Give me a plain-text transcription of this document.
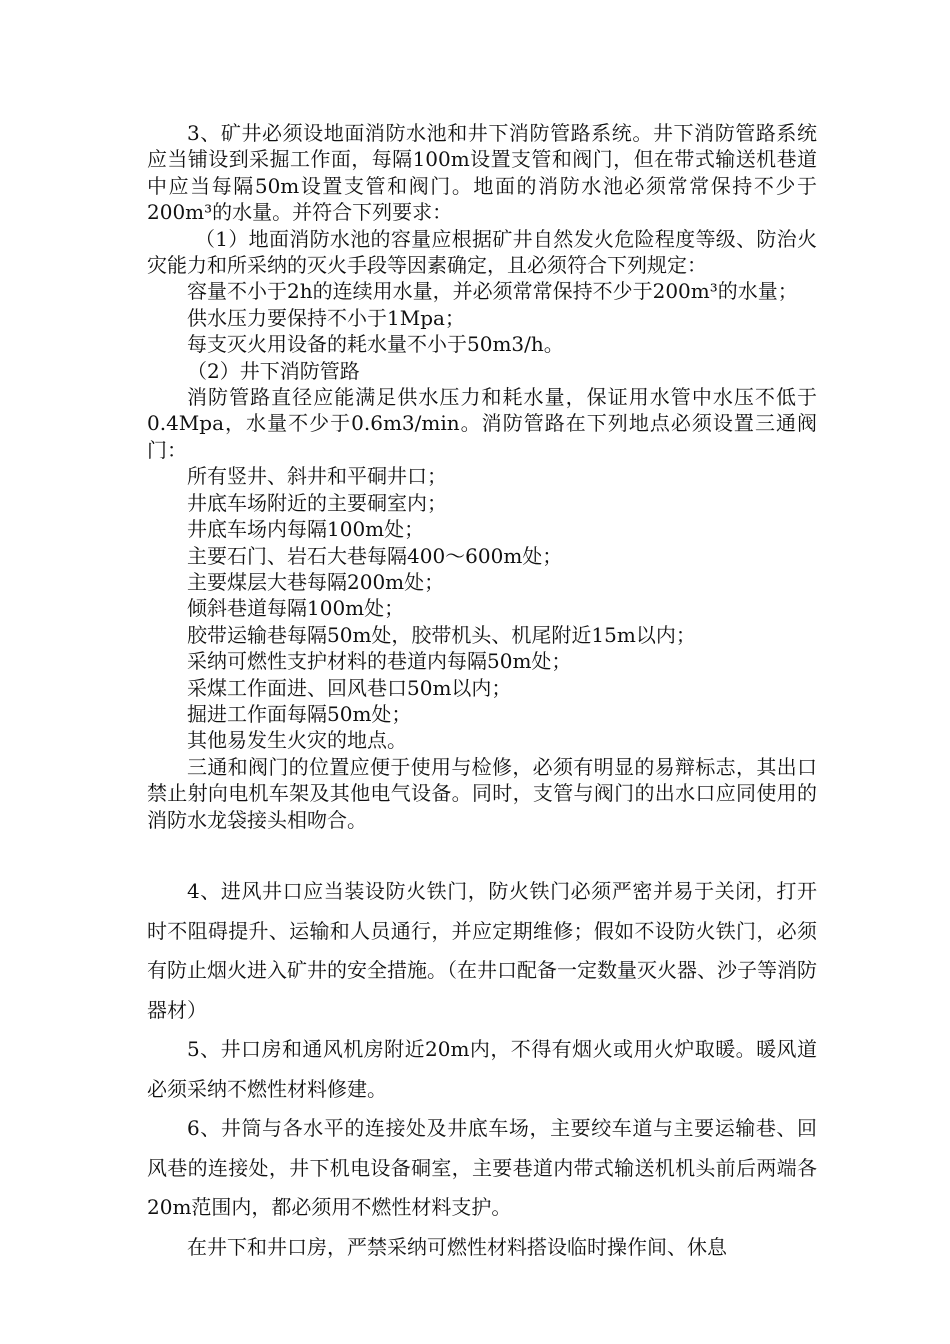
3、矿井必须设地面消防水池和井下消防管路系统。井下消防管路系统应当铺设到采掘工作面，每隔100m设置支管和阀门，但在带式输送机巷道中应当每隔50m设置支管和阀门。地面的消防水池必须常常保持不少于200m³的水量。并符合下列要求：

（1）地面消防水池的容量应根据矿井自然发火危险程度等级、防治火灾能力和所采纳的灭火手段等因素确定，且必须符合下列规定：

容量不小于2h的连续用水量，并必须常常保持不少于200m³的水量；

供水压力要保持不小于1Mpa；

每支灭火用设备的耗水量不小于50m3/h。

（2）井下消防管路

消防管路直径应能满足供水压力和耗水量，保证用水管中水压不低于0.4Mpa，水量不少于0.6m3/min。消防管路在下列地点必须设置三通阀门：

所有竖井、斜井和平硐井口；

井底车场附近的主要硐室内；

井底车场内每隔100m处；

主要石门、岩石大巷每隔400～600m处；

主要煤层大巷每隔200m处；

倾斜巷道每隔100m处；

胶带运输巷每隔50m处，胶带机头、机尾附近15m以内；

采纳可燃性支护材料的巷道内每隔50m处；

采煤工作面进、回风巷口50m以内；

掘进工作面每隔50m处；

其他易发生火灾的地点。

三通和阀门的位置应便于使用与检修，必须有明显的易辩标志，其出口禁止射向电机车架及其他电气设备。同时，支管与阀门的出水口应同使用的消防水龙袋接头相吻合。

4、进风井口应当装设防火铁门，防火铁门必须严密并易于关闭，打开时不阻碍提升、运输和人员通行，并应定期维修；假如不设防火铁门，必须有防止烟火进入矿井的安全措施。（在井口配备一定数量灭火器、沙子等消防器材）

5、井口房和通风机房附近20m内，不得有烟火或用火炉取暖。暖风道必须采纳不燃性材料修建。

6、井筒与各水平的连接处及井底车场，主要绞车道与主要运输巷、回风巷的连接处，井下机电设备硐室，主要巷道内带式输送机机头前后两端各20m范围内，都必须用不燃性材料支护。

在井下和井口房，严禁采纳可燃性材料搭设临时操作间、休息
